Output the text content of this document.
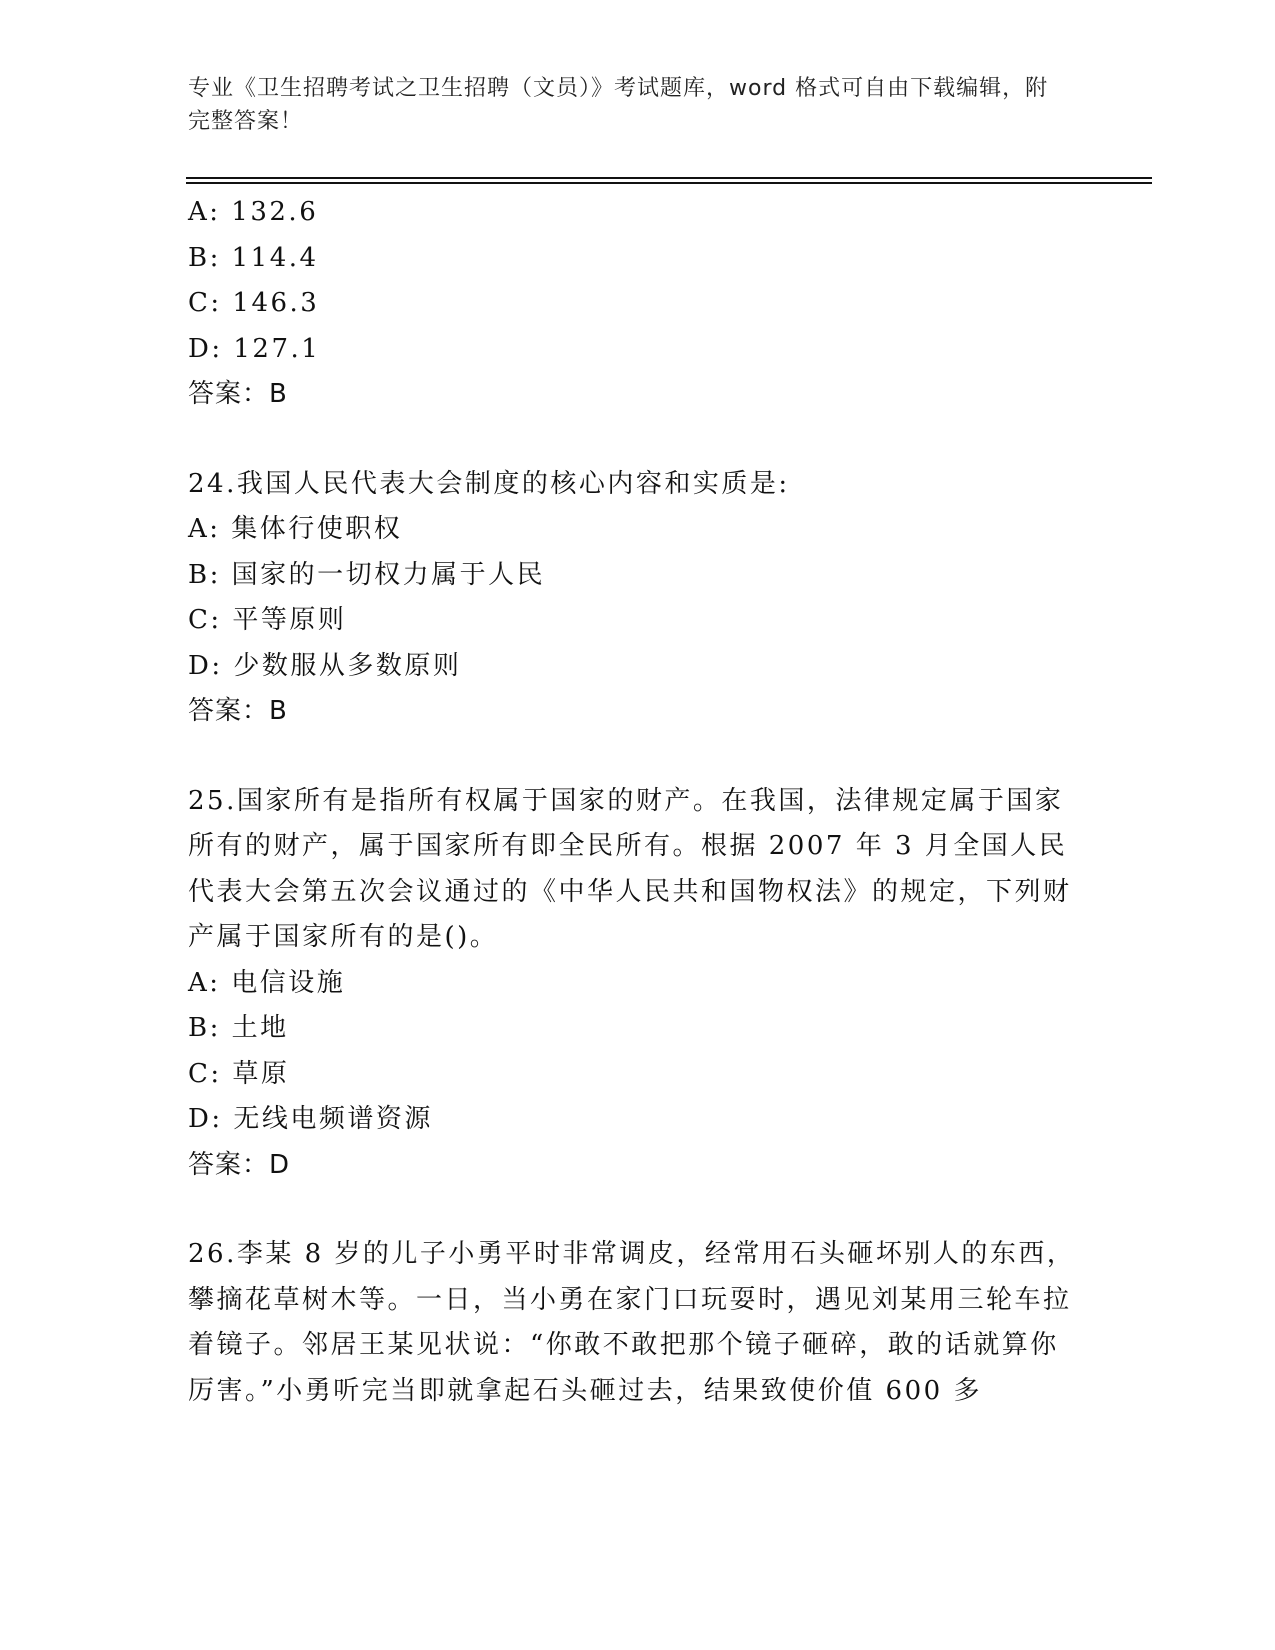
专业《卫生招聘考试之卫生招聘（文员）》考试题库，word 格式可自由下载编辑，附完整答案！
A: 132.6
B: 114.4
C: 146.3
D: 127.1
答案：B
24.我国人民代表大会制度的核心内容和实质是:
A: 集体行使职权
B: 国家的一切权力属于人民
C: 平等原则
D: 少数服从多数原则
答案：B
25.国家所有是指所有权属于国家的财产。在我国，法律规定属于国家所有的财产，属于国家所有即全民所有。根据 2007 年 3 月全国人民代表大会第五次会议通过的《中华人民共和国物权法》的规定，下列财产属于国家所有的是()。
A: 电信设施
B: 土地
C: 草原
D: 无线电频谱资源
答案：D
26.李某 8 岁的儿子小勇平时非常调皮，经常用石头砸坏别人的东西，攀摘花草树木等。一日，当小勇在家门口玩耍时，遇见刘某用三轮车拉着镜子。邻居王某见状说：“你敢不敢把那个镜子砸碎，敢的话就算你厉害。”小勇听完当即就拿起石头砸过去，结果致使价值 600 多
